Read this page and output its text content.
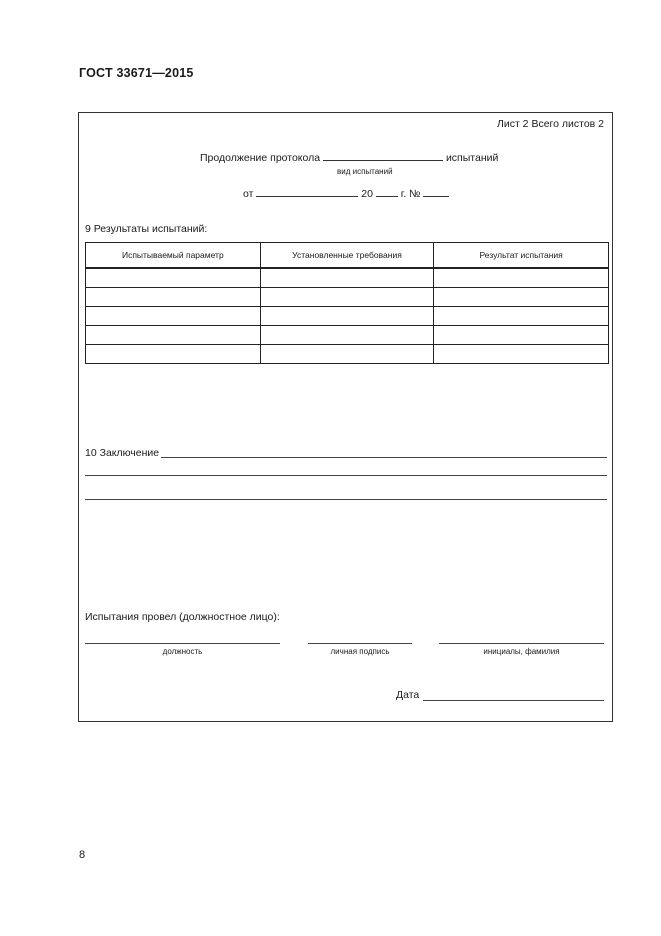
ГОСТ 33671—2015
Лист 2 Всего листов 2
Продолжение протокола	испытаний
вид испытаний
от	20	г. №
9 Результаты испытаний:
Испытываемый параметр	Установленные требования	Результат испытания

10 Заключение
Испытания провел (должностное лицо):
должность	личная подпись	инициалы, фамилия
Дата
8
